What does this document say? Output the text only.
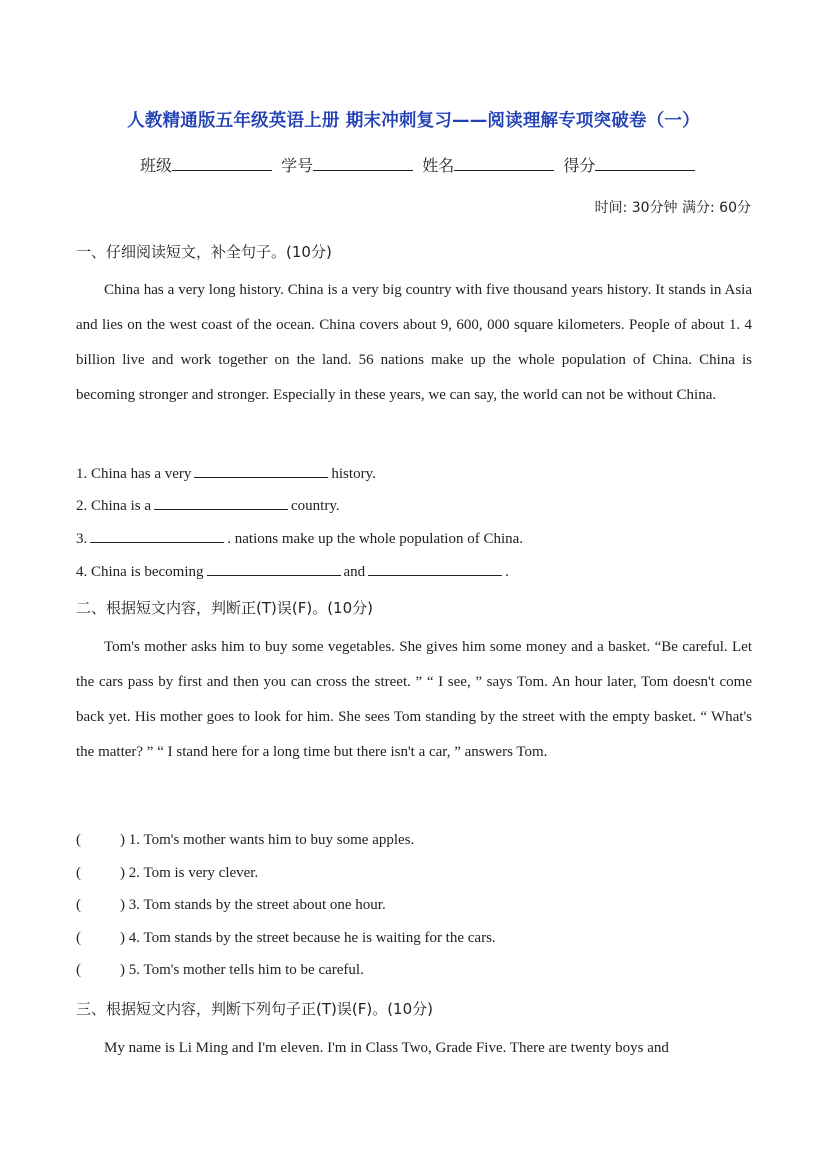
人教精通版五年级英语上册 期末冲刺复习——阅读理解专项突破卷（一）
班级	学号	姓名	得分
时间: 30分钟 满分: 60分
一、仔细阅读短文，补全句子。(10分)

China has a very long history. China is a very big country with five thousand years history. It stands in Asia and lies on the west coast of the ocean. China covers about 9, 600, 000 square kilometers. People of about 1. 4 billion live and work together on the land. 56 nations make up the whole population of China. China is becoming stronger and stronger. Especially in these years, we can say, the world can not be without China.

1. China has a very	history.
2. China is a	country.
3.	. nations make up the whole population of China.
4. China is becoming	and	.
二、根据短文内容，判断正(T)误(F)。(10分)

Tom's mother asks him to buy some vegetables. She gives him some money and a basket. “Be careful. Let the cars pass by first and then you can cross the street. ” “ I see, ” says Tom. An hour later, Tom doesn't come back yet. His mother goes to look for him. She sees Tom standing by the street with the empty basket. “ What's the matter? ” “ I stand here for a long time but there isn't a car, ” answers Tom.

(	) 1. Tom's mother wants him to buy some apples.
(	) 2. Tom is very clever.
(	) 3. Tom stands by the street about one hour.
(	) 4. Tom stands by the street because he is waiting for the cars.
(	) 5. Tom's mother tells him to be careful.
三、根据短文内容，判断下列句子正(T)误(F)。(10分)

My name is Li Ming and I'm eleven. I'm in Class Two, Grade Five. There are twenty boys and
